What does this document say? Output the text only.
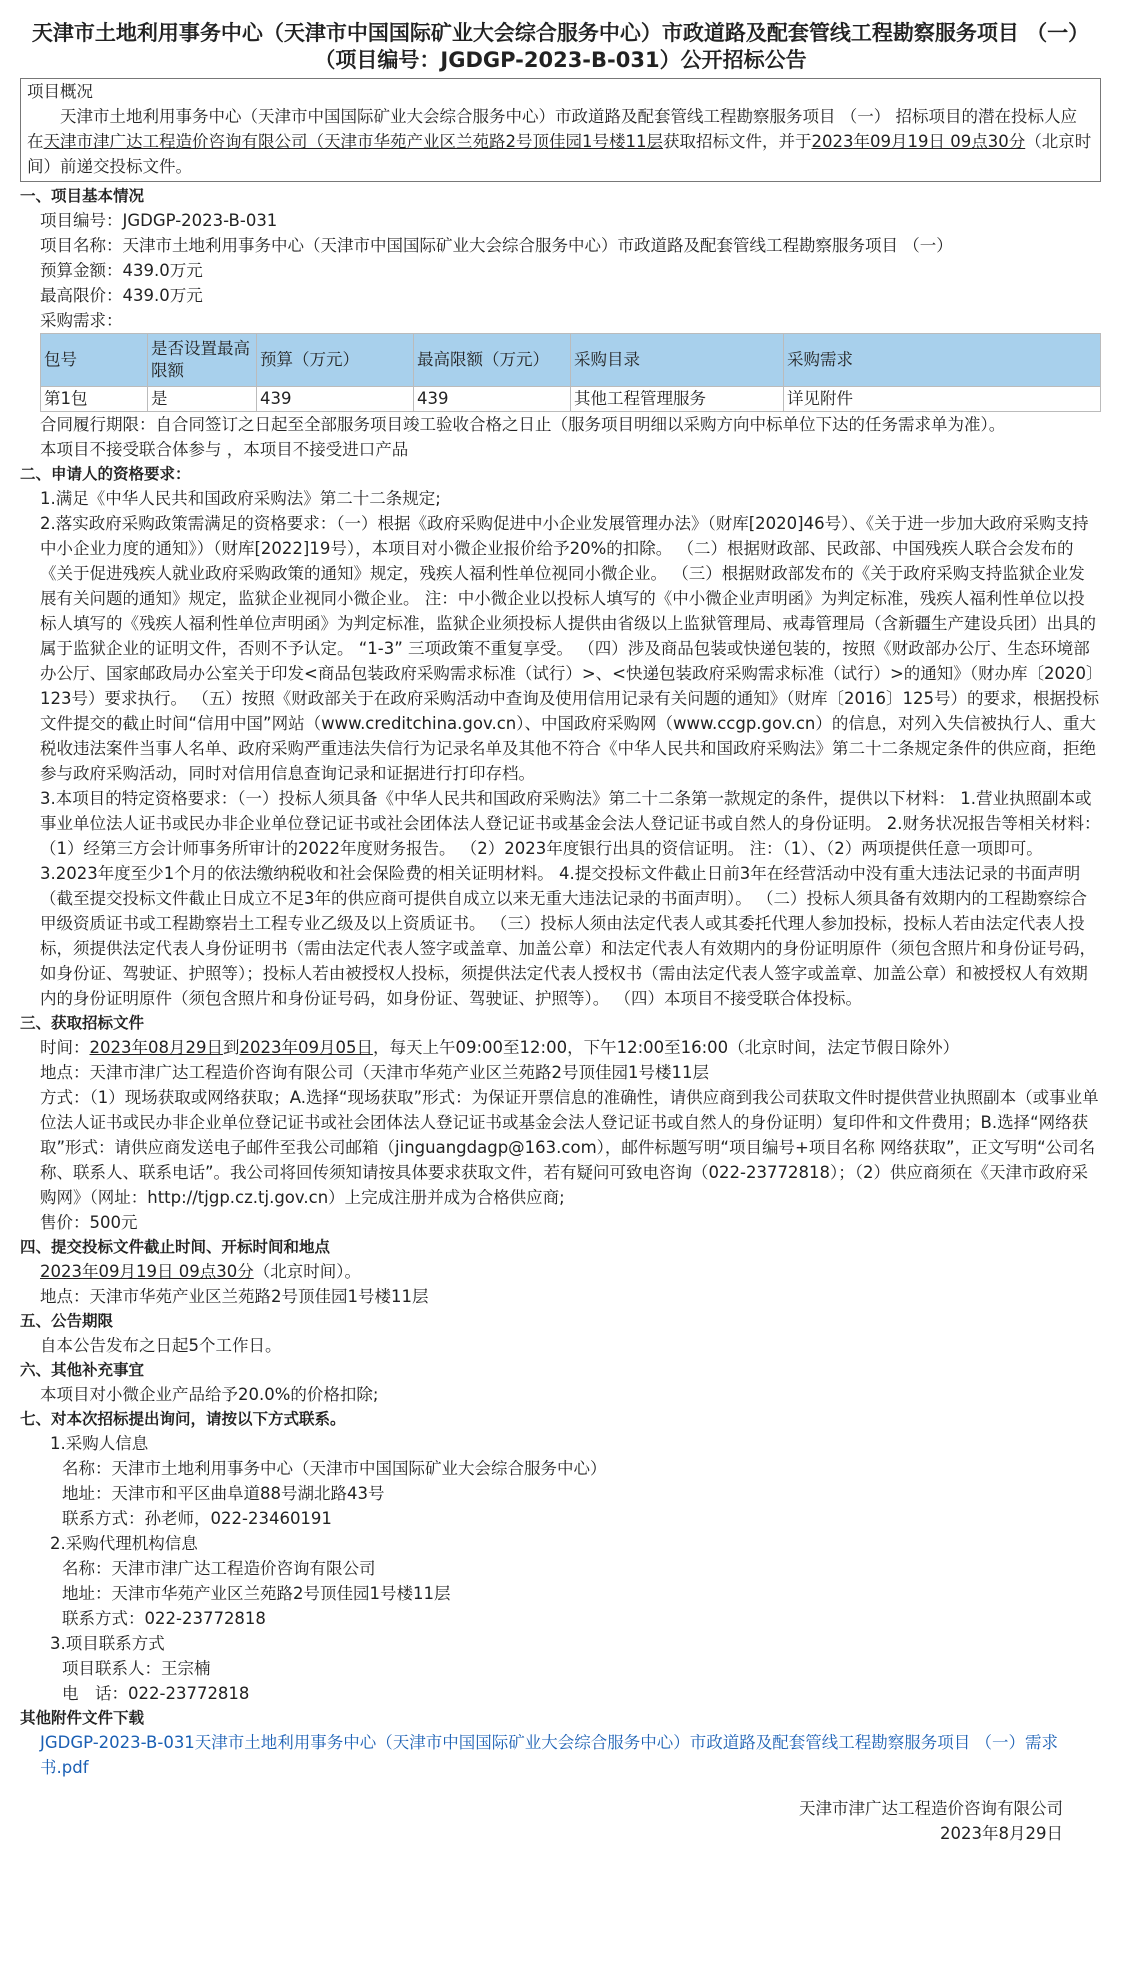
天津市土地利用事务中心（天津市中国国际矿业大会综合服务中心）市政道路及配套管线工程勘察服务项目 （一）（项目编号：JGDGP-2023-B-031）公开招标公告
项目概况
天津市土地利用事务中心（天津市中国国际矿业大会综合服务中心）市政道路及配套管线工程勘察服务项目 （一） 招标项目的潜在投标人应在天津市津广达工程造价咨询有限公司（天津市华苑产业区兰苑路2号顶佳园1号楼11层获取招标文件，并于2023年09月19日 09点30分（北京时间）前递交投标文件。
一、项目基本情况
项目编号：JGDGP-2023-B-031
项目名称：天津市土地利用事务中心（天津市中国国际矿业大会综合服务中心）市政道路及配套管线工程勘察服务项目 （一）
预算金额：439.0万元
最高限价：439.0万元
采购需求：
包号	是否设置最高限额	预算（万元）	最高限额（万元）	采购目录	采购需求
第1包	是	439	439	其他工程管理服务	详见附件
合同履行期限：自合同签订之日起至全部服务项目竣工验收合格之日止（服务项目明细以采购方向中标单位下达的任务需求单为准）。
本项目不接受联合体参与 ，本项目不接受进口产品
二、申请人的资格要求：
1.满足《中华人民共和国政府采购法》第二十二条规定;
2.落实政府采购政策需满足的资格要求：（一）根据《政府采购促进中小企业发展管理办法》（财库[2020]46号）、《关于进一步加大政府采购支持中小企业力度的通知》）（财库[2022]19号），本项目对小微企业报价给予20%的扣除。 （二）根据财政部、民政部、中国残疾人联合会发布的《关于促进残疾人就业政府采购政策的通知》规定，残疾人福利性单位视同小微企业。 （三）根据财政部发布的《关于政府采购支持监狱企业发展有关问题的通知》规定，监狱企业视同小微企业。 注：中小微企业以投标人填写的《中小微企业声明函》为判定标准，残疾人福利性单位以投标人填写的《残疾人福利性单位声明函》为判定标准，监狱企业须投标人提供由省级以上监狱管理局、戒毒管理局（含新疆生产建设兵团）出具的属于监狱企业的证明文件，否则不予认定。 “1-3” 三项政策不重复享受。 （四）涉及商品包装或快递包装的，按照《财政部办公厅、生态环境部办公厅、国家邮政局办公室关于印发<商品包装政府采购需求标准（试行）>、<快递包装政府采购需求标准（试行）>的通知》（财办库〔2020〕123号）要求执行。 （五）按照《财政部关于在政府采购活动中查询及使用信用记录有关问题的通知》（财库〔2016〕125号）的要求，根据投标文件提交的截止时间“信用中国”网站（www.creditchina.gov.cn）、中国政府采购网（www.ccgp.gov.cn）的信息，对列入失信被执行人、重大税收违法案件当事人名单、政府采购严重违法失信行为记录名单及其他不符合《中华人民共和国政府采购法》第二十二条规定条件的供应商，拒绝参与政府采购活动，同时对信用信息查询记录和证据进行打印存档。
3.本项目的特定资格要求：（一）投标人须具备《中华人民共和国政府采购法》第二十二条第一款规定的条件，提供以下材料： 1.营业执照副本或事业单位法人证书或民办非企业单位登记证书或社会团体法人登记证书或基金会法人登记证书或自然人的身份证明。 2.财务状况报告等相关材料： （1）经第三方会计师事务所审计的2022年度财务报告。 （2）2023年度银行出具的资信证明。 注：（1）、（2）两项提供任意一项即可。 3.2023年度至少1个月的依法缴纳税收和社会保险费的相关证明材料。 4.提交投标文件截止日前3年在经营活动中没有重大违法记录的书面声明（截至提交投标文件截止日成立不足3年的供应商可提供自成立以来无重大违法记录的书面声明）。 （二）投标人须具备有效期内的工程勘察综合甲级资质证书或工程勘察岩土工程专业乙级及以上资质证书。 （三）投标人须由法定代表人或其委托代理人参加投标，投标人若由法定代表人投标，须提供法定代表人身份证明书（需由法定代表人签字或盖章、加盖公章）和法定代表人有效期内的身份证明原件（须包含照片和身份证号码，如身份证、驾驶证、护照等）；投标人若由被授权人投标，须提供法定代表人授权书（需由法定代表人签字或盖章、加盖公章）和被授权人有效期内的身份证明原件（须包含照片和身份证号码，如身份证、驾驶证、护照等）。 （四）本项目不接受联合体投标。
三、获取招标文件
时间：2023年08月29日到2023年09月05日，每天上午09:00至12:00，下午12:00至16:00（北京时间，法定节假日除外）
地点：天津市津广达工程造价咨询有限公司（天津市华苑产业区兰苑路2号顶佳园1号楼11层
方式：（1）现场获取或网络获取；A.选择“现场获取”形式：为保证开票信息的准确性，请供应商到我公司获取文件时提供营业执照副本（或事业单位法人证书或民办非企业单位登记证书或社会团体法人登记证书或基金会法人登记证书或自然人的身份证明）复印件和文件费用；B.选择“网络获取”形式：请供应商发送电子邮件至我公司邮箱（jinguangdagp@163.com），邮件标题写明“项目编号+项目名称 网络获取”，正文写明“公司名称、联系人、联系电话”。我公司将回传须知请按具体要求获取文件，若有疑问可致电咨询（022-23772818）；（2）供应商须在《天津市政府采购网》（网址：http://tjgp.cz.tj.gov.cn）上完成注册并成为合格供应商;
售价：500元
四、提交投标文件截止时间、开标时间和地点
2023年09月19日 09点30分（北京时间）。
地点：天津市华苑产业区兰苑路2号顶佳园1号楼11层
五、公告期限
自本公告发布之日起5个工作日。
六、其他补充事宜
本项目对小微企业产品给予20.0%的价格扣除;
七、对本次招标提出询问，请按以下方式联系。
1.采购人信息
名称：天津市土地利用事务中心（天津市中国国际矿业大会综合服务中心）
地址：天津市和平区曲阜道88号湖北路43号
联系方式：孙老师，022-23460191
2.采购代理机构信息
名称：天津市津广达工程造价咨询有限公司
地址：天津市华苑产业区兰苑路2号顶佳园1号楼11层
联系方式：022-23772818
3.项目联系方式
项目联系人：王宗楠
电　话：022-23772818
其他附件文件下载
JGDGP-2023-B-031天津市土地利用事务中心（天津市中国国际矿业大会综合服务中心）市政道路及配套管线工程勘察服务项目 （一）需求书.pdf
天津市津广达工程造价咨询有限公司
2023年8月29日
